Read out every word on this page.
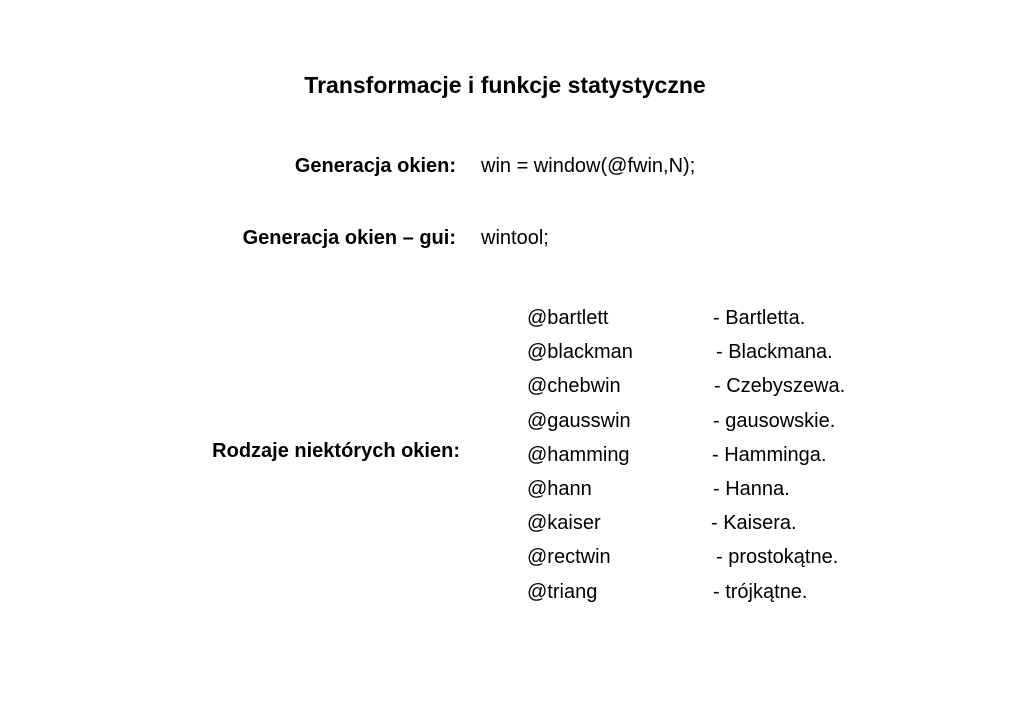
Transformacje i funkcje statystyczne
Generacja okien: win = window(@fwin,N);
Generacja okien – gui: wintool;
Rodzaje niektórych okien:
@bartlett	- Bartletta.
@blackman	- Blackmana.
@chebwin	- Czebyszewa.
@gausswin	- gausowskie.
@hamming	- Hamminga.
@hann	- Hanna.
@kaiser	- Kaisera.
@rectwin	- prostokątne.
@triang	- trójkątne.
